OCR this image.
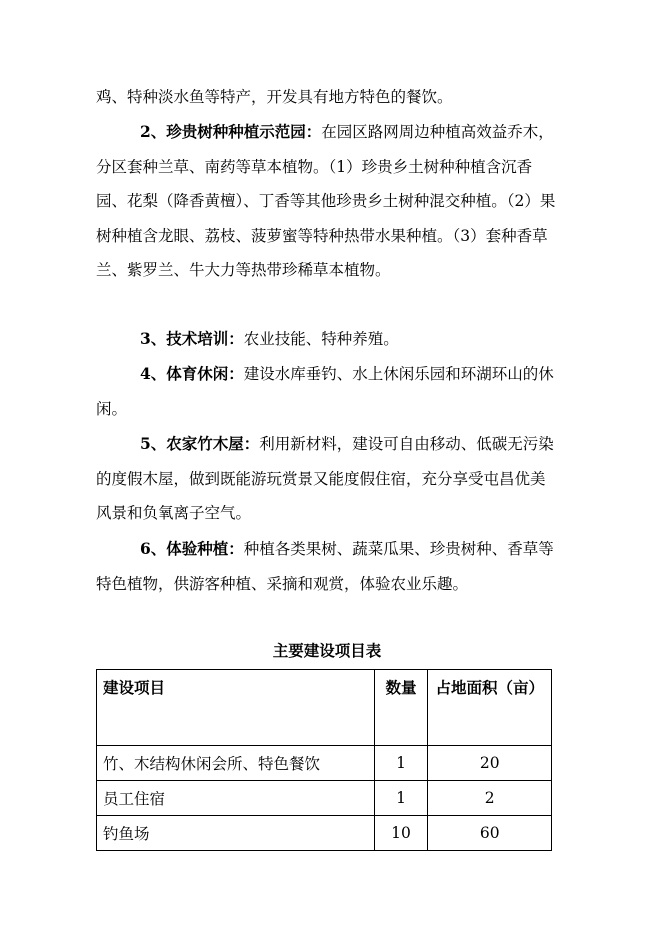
鸡、特种淡水鱼等特产，开发具有地方特色的餐饮。

2、珍贵树种种植示范园：在园区路网周边种植高效益乔木，分区套种兰草、南药等草本植物。（1）珍贵乡土树种种植含沉香园、花梨（降香黄檀）、丁香等其他珍贵乡土树种混交种植。（2）果树种植含龙眼、荔枝、菠萝蜜等特种热带水果种植。（3）套种香草兰、紫罗兰、牛大力等热带珍稀草本植物。

3、技术培训：农业技能、特种养殖。

4、体育休闲：建设水库垂钓、水上休闲乐园和环湖环山的休闲。

5、农家竹木屋：利用新材料，建设可自由移动、低碳无污染的度假木屋，做到既能游玩赏景又能度假住宿，充分享受屯昌优美风景和负氧离子空气。

6、体验种植：种植各类果树、蔬菜瓜果、珍贵树种、香草等特色植物，供游客种植、采摘和观赏，体验农业乐趣。

主要建设项目表
建设项目	数量	占地面积（亩）
竹、木结构休闲会所、特色餐饮	1	20
员工住宿	1	2
钓鱼场	10	60
